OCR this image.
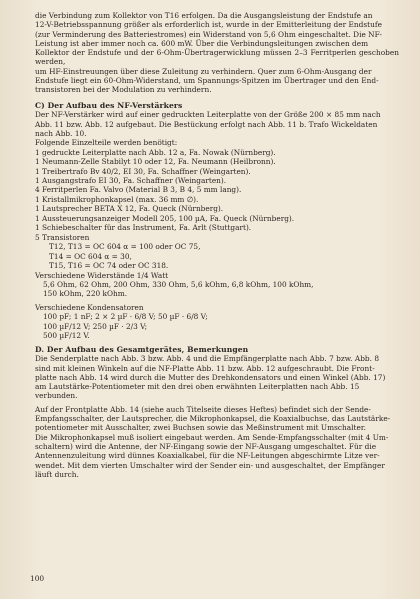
die Verbindung zum Kollektor von T16 erfolgen. Da die Ausgangsleistung der Endstufe an

12-V-Betriebsspannung größer als erforderlich ist, wurde in der Emitterleitung der Endstufe

(zur Verminderung des Batteriestromes) ein Widerstand von 5,6 Ohm eingeschaltet. Die NF-

Leistung ist aber immer noch ca. 600 mW. Über die Verbindungsleitungen zwischen dem

Kollektor der Endstufe und der 6-Ohm-Übertragerwicklung müssen 2–3 Ferritperlen geschoben werden,

um HF-Einstreuungen über diese Zuleitung zu verhindern. Quer zum 6-Ohm-Ausgang der

Endstufe liegt ein 60-Ohm-Widerstand, um Spannungs-Spitzen im Übertrager und den End-

transistoren bei der Modulation zu verhindern.

C) Der Aufbau des NF-Verstärkers

Der NF-Verstärker wird auf einer gedruckten Leiterplatte von der Größe 200 × 85 mm nach

Abb. 11 bzw. Abb. 12 aufgebaut. Die Bestückung erfolgt nach Abb. 11 b. Trafo Wickeldaten

nach Abb. 10.

Folgende Einzelteile werden benötigt:

1 gedruckte Leiterplatte nach Abb. 12 a, Fa. Nowak (Nürnberg).

1 Neumann-Zelle Stabilyt 10 oder 12, Fa. Neumann (Heilbronn).

1 Treibertrafo Bv 40/2, EI 30, Fa. Schaffner (Weingarten).

1 Ausgangstrafo EI 30, Fa. Schaffner (Weingarten).

4 Ferritperlen Fa. Valvo (Material B 3, B 4, 5 mm lang).

1 Kristallmikrophonkapsel (max. 36 mm ∅).

1 Lautsprecher BETA X 12, Fa. Queck (Nürnberg).

1 Aussteuerungsanzeiger Modell 205, 100 µA, Fa. Queck (Nürnberg).

1 Schiebeschalter für das Instrument, Fa. Arlt (Stuttgart).

5 Transistoren

T12, T13 = OC 604 α = 100 oder OC 75,

T14 = OC 604 α = 30,

T15, T16 = OC 74 oder OC 318.

Verschiedene Widerstände 1/4 Watt

5,6 Ohm, 62 Ohm, 200 Ohm, 330 Ohm, 5,6 kOhm, 6,8 kOhm, 100 kOhm,

150 kOhm, 220 kOhm.

Verschiedene Kondensatoren

100 pF; 1 nF; 2 × 2 µF · 6/8 V; 50 µF · 6/8 V;

100 µF/12 V; 250 µF · 2/3 V;

500 µF/12 V.

D. Der Aufbau des Gesamtgerätes, Bemerkungen

Die Senderplatte nach Abb. 3 bzw. Abb. 4 und die Empfängerplatte nach Abb. 7 bzw. Abb. 8

sind mit kleinen Winkeln auf die NF-Platte Abb. 11 bzw. Abb. 12 aufgeschraubt. Die Front-

platte nach Abb. 14 wird durch die Mutter des Drehkondensators und einen Winkel (Abb. 17)

am Lautstärke-Potentiometer mit den drei oben erwähnten Leiterplatten nach Abb. 15

verbunden.

Auf der Frontplatte Abb. 14 (siehe auch Titelseite dieses Heftes) befindet sich der Sende-

Empfangsschalter, der Lautsprecher, die Mikrophonkapsel, die Koaxialbuchse, das Lautstärke-

potentiometer mit Ausschalter, zwei Buchsen sowie das Meßinstrument mit Umschalter.

Die Mikrophonkapsel muß isoliert eingebaut werden. Am Sende-Empfangsschalter (mit 4 Um-

schaltern) wird die Antenne, der NF-Eingang sowie der NF-Ausgang umgeschaltet. Für die

Antennenzuleitung wird dünnes Koaxialkabel, für die NF-Leitungen abgeschirmte Litze ver-

wendet. Mit dem vierten Umschalter wird der Sender ein- und ausgeschaltet, der Empfänger

läuft durch.

100
